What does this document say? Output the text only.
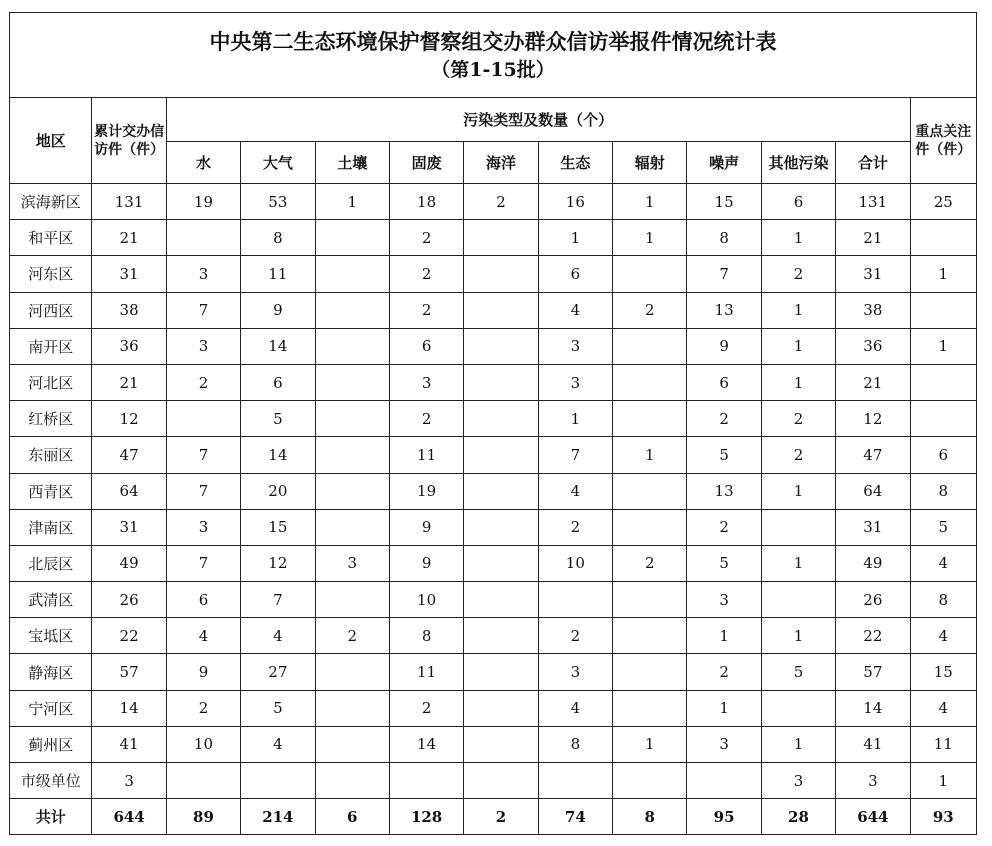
中央第二生态环境保护督察组交办群众信访举报件情况统计表
（第1-15批）												

地区	累计交办信访件（件）	污染类型及数量（个）										重点关注件（件）
		水	大气	土壤	固废	海洋	生态	辐射	噪声	其他污染	合计	
滨海新区	131	19	53	1	18	2	16	1	15	6	131	25
和平区	21		8		2		1	1	8	1	21	
河东区	31	3	11		2		6		7	2	31	1
河西区	38	7	9		2		4	2	13	1	38	
南开区	36	3	14		6		3		9	1	36	1
河北区	21	2	6		3		3		6	1	21	
红桥区	12		5		2		1		2	2	12	
东丽区	47	7	14		11		7	1	5	2	47	6
西青区	64	7	20		19		4		13	1	64	8
津南区	31	3	15		9		2		2		31	5
北辰区	49	7	12	3	9		10	2	5	1	49	4
武清区	26	6	7		10				3		26	8
宝坻区	22	4	4	2	8		2		1	1	22	4
静海区	57	9	27		11		3		2	5	57	15
宁河区	14	2	5		2		4		1		14	4
蓟州区	41	10	4		14		8	1	3	1	41	11
市级单位	3									3	3	1
共计	644	89	214	6	128	2	74	8	95	28	644	93
